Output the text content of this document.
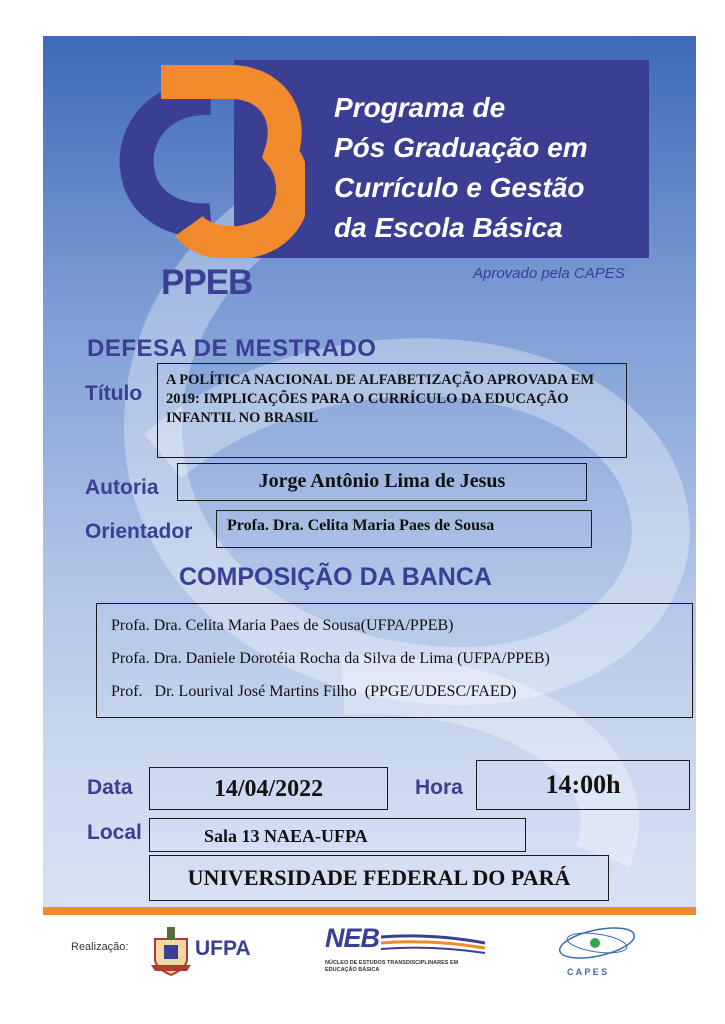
Programa de
Pós Graduação em
Currículo e Gestão
da Escola Básica
PPEB	Aprovado pela CAPES
DEFESA DE MESTRADO
Título
A POLÍTICA NACIONAL DE ALFABETIZAÇÃO APROVADA EM 2019: IMPLICAÇÕES PARA O CURRÍCULO DA EDUCAÇÃO INFANTIL NO BRASIL
Autoria	Jorge Antônio Lima de Jesus
Orientador	Profa. Dra. Celita Maria Paes de Sousa
COMPOSIÇÃO DA BANCA
Profa. Dra. Celita Maria Paes de Sousa(UFPA/PPEB)
Profa. Dra. Daniele Dorotéia Rocha da Silva de Lima (UFPA/PPEB)
Prof.   Dr. Lourival José Martins Filho  (PPGE/UDESC/FAED)
Data	14/04/2022	Hora	14:00h
Local	Sala 13 NAEA-UFPA
UNIVERSIDADE FEDERAL DO PARÁ
Realização:	UFPA	NEB
NÚCLEO DE ESTUDOS TRANSDISCIPLINARES EM
EDUCAÇÃO BÁSICA	C A P E S
